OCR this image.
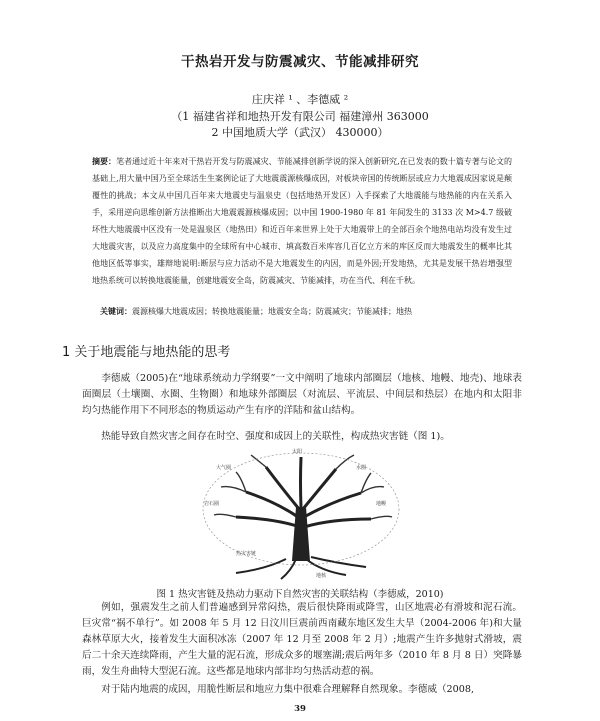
干热岩开发与防震减灾、节能减排研究
庄庆祥 ¹ 、李德威 ²
（1 福建省祥和地热开发有限公司 福建漳州 363000
2 中国地质大学（武汉） 430000）
摘要：笔者通过近十年来对干热岩开发与防震减灾、节能减排创新学说的深入创新研究,在已发表的数十篇专著与论文的基础上,用大量中国乃至全球活生生案例论证了大地震震源核爆成因，对板块帝国的传统断层或应力大地震成因家说是颠覆性的挑战；本文从中国几百年来大地震史与温泉史（包括地热开发区）入手探索了大地震能与地热能的内在关系入手，采用逆向思维创新方法推断出大地震震源核爆成因；以中国 1900-1980 年 81 年间发生的 3133 次 M>4.7 级破坏性大地震震中区没有一处是温泉区（地热田）和近百年来世界上处于大地震带上的全部百余个地热电站均没有发生过大地震灾害，以及应力高度集中的全球所有中心城市、填高数百米库容几百亿立方米的库区反而大地震发生的概率比其他地区低等事实，雄辩地说明:断层与应力活动不是大地震发生的内因，而是外因;开发地热，尤其是发展干热岩增强型地热系统可以转换地震能量，创建地震安全岛，防震减灾、节能减排，功在当代、利在千秋。
关键词：震源核爆大地震成因；转换地震能量；地震安全岛；防震减灾；节能减排；地热
1 关于地震能与地热能的思考
李德威（2005)在“地球系统动力学纲要”一文中阐明了地球内部圈层（地核、地幔、地壳)、地球表面圈层（土壤圈、水圈、生物圈）和地球外部圈层（对流层、平流层、中间层和热层）在地内和太阳非均匀热能作用下不同形态的物质运动产生有序的洋陆和盆山结构。
热能导致自然灾害之间存在时空、强度和成因上的关联性，构成热灾害链（图 1)。
大气圈	水圈
岩石圈	地幔
地核
太阳
热灾害链
图 1 热灾害链及热动力驱动下自然灾害的关联结构（李德威，2010)
例如，强震发生之前人们普遍感到异常闷热，震后很快降雨或降雪，山区地震必有滑坡和泥石流。巨灾常“祸不单行”。如 2008 年 5 月 12 日汶川巨震前西南藏东地区发生大旱（2004-2006 年)和大量森林草原大火，接着发生大面积冰冻（2007 年 12 月至 2008 年 2 月）;地震产生许多抛射式滑坡，震后二十余天连续降雨，产生大量的泥石流，形成众多的堰塞湖;震后两年多（2010 年 8 月 8 日）突降暴雨，发生舟曲特大型泥石流。这些都是地球内部非均匀热活动惹的祸。
对于陆内地震的成因，用脆性断层和地应力集中很难合理解释自然现象。李德威（2008,
39
